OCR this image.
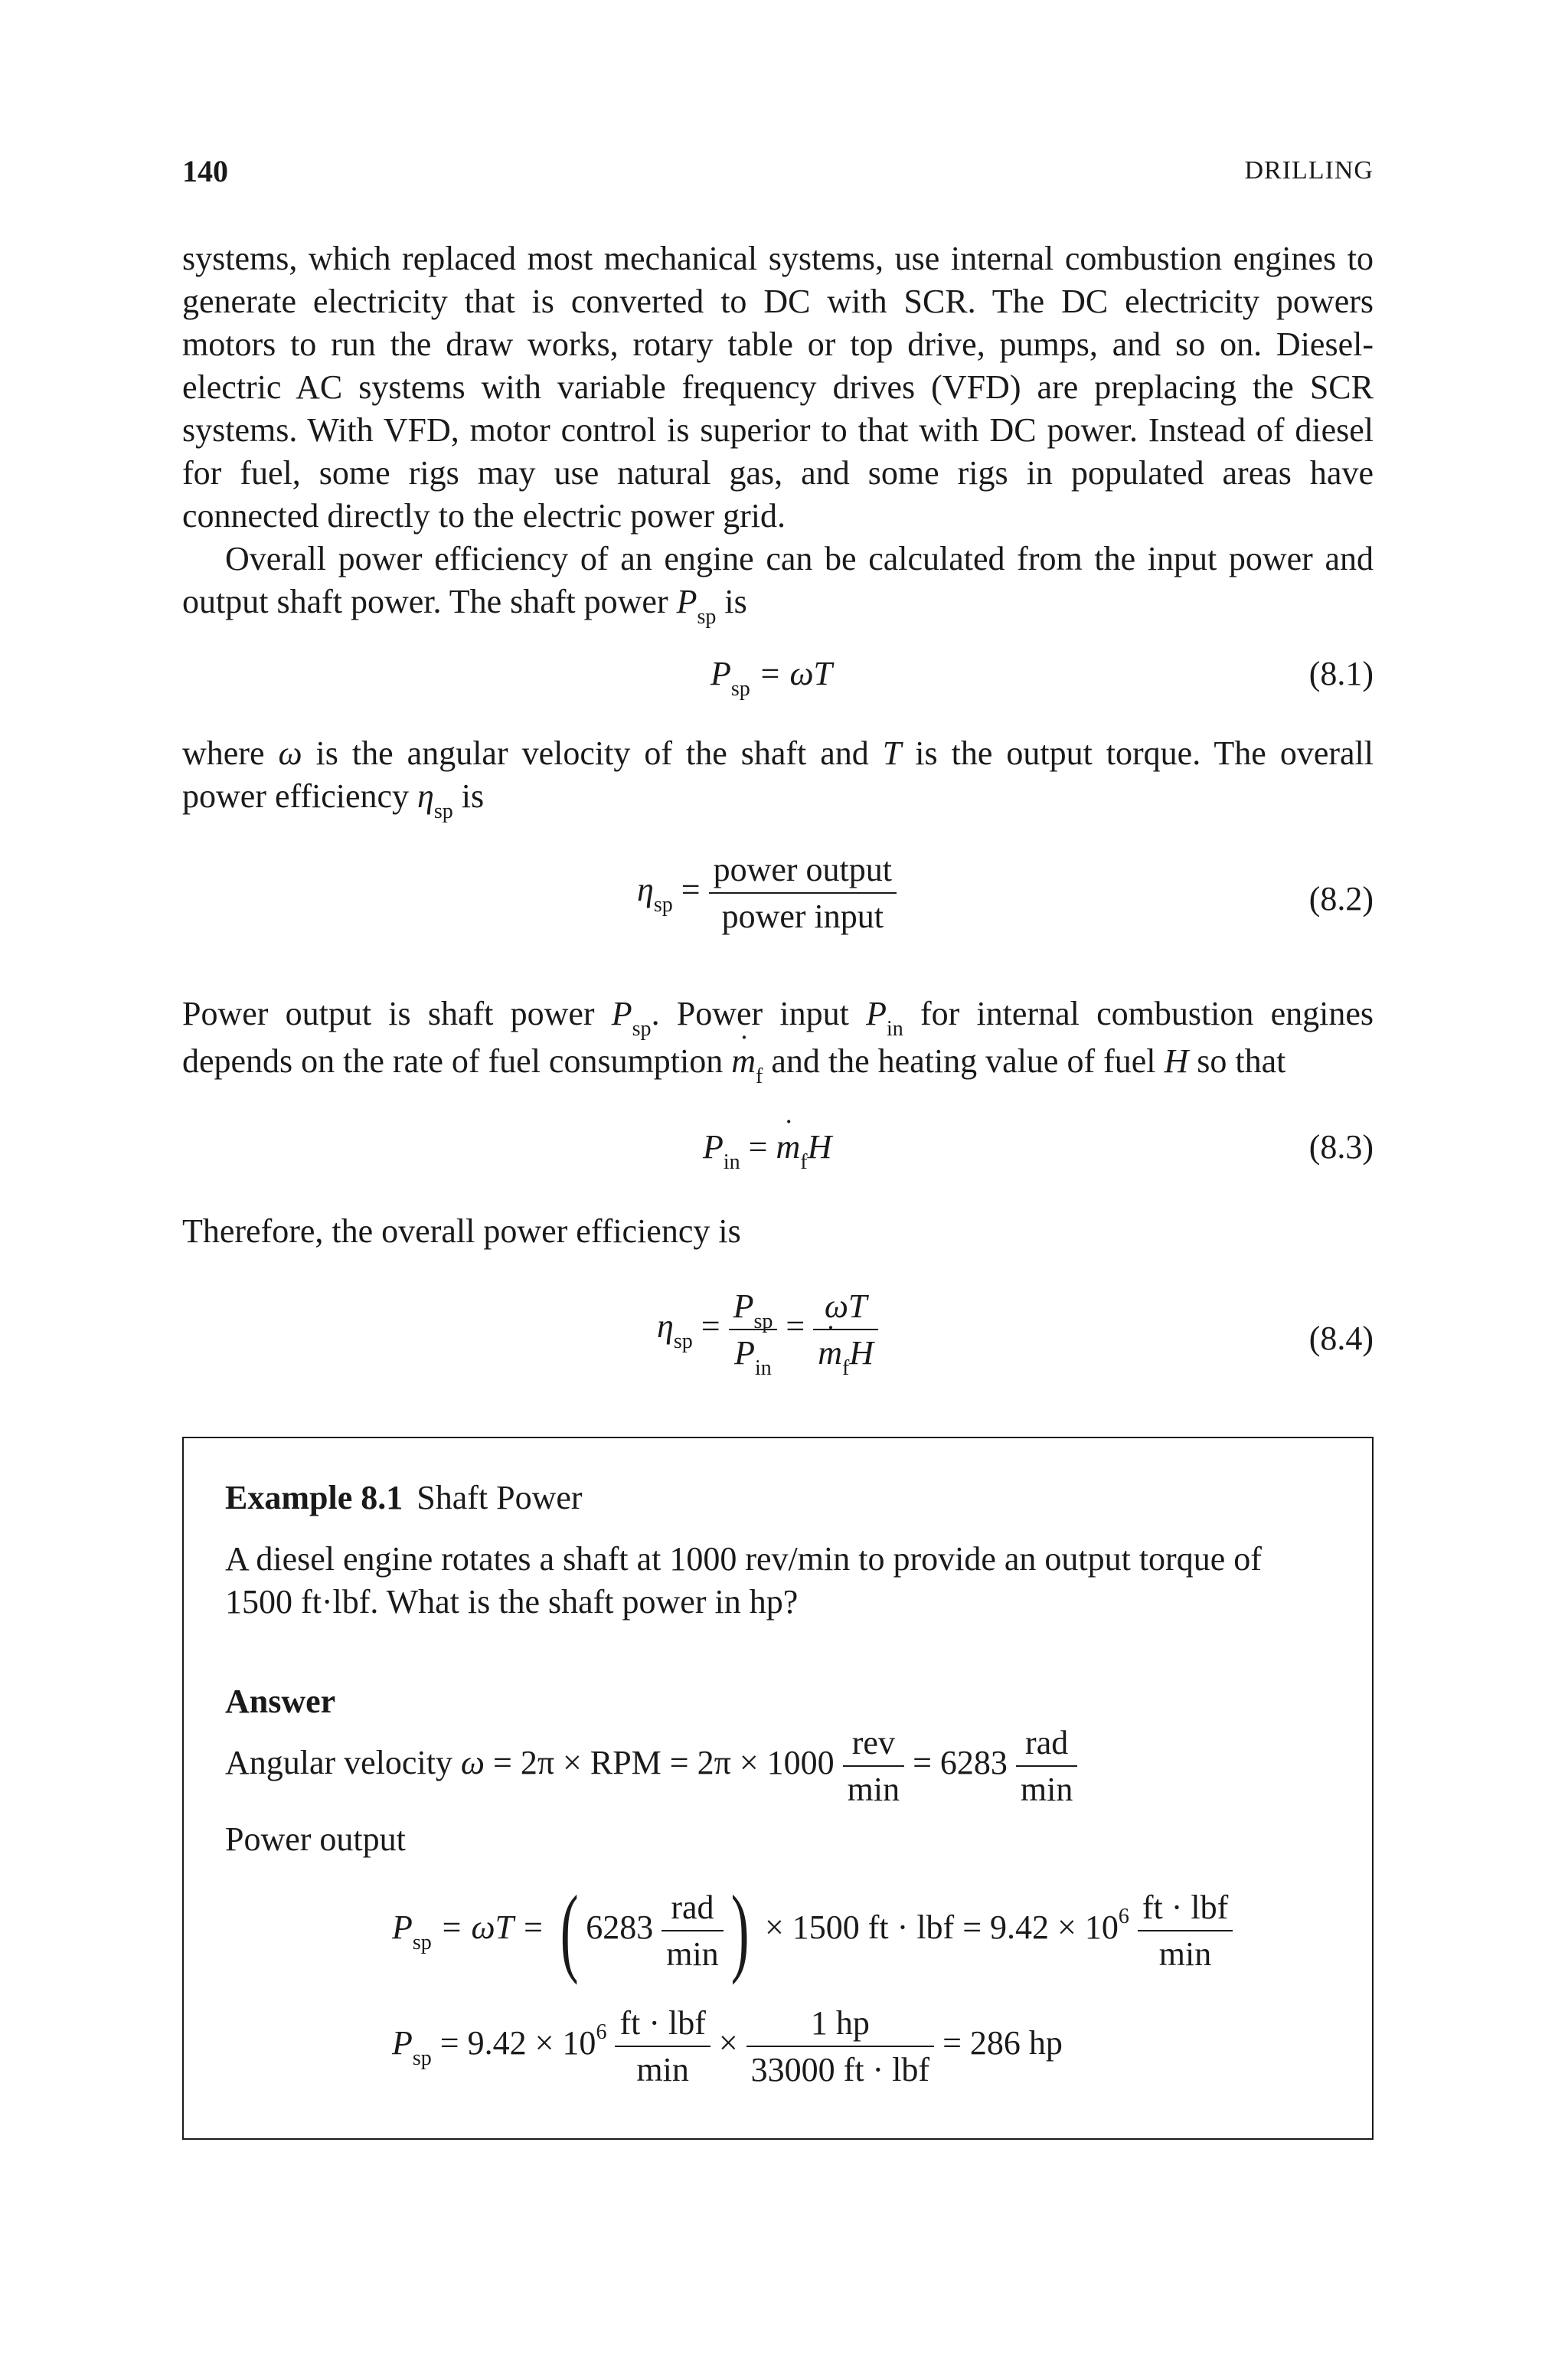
140	DRILLING

systems, which replaced most mechanical systems, use internal combustion engines to generate electricity that is converted to DC with SCR. The DC electricity powers motors to run the draw works, rotary table or top drive, pumps, and so on. Diesel-electric AC systems with variable frequency drives (VFD) are preplacing the SCR systems. With VFD, motor control is superior to that with DC power. Instead of diesel for fuel, some rigs may use natural gas, and some rigs in populated areas have connected directly to the electric power grid.

Overall power efficiency of an engine can be calculated from the input power and output shaft power. The shaft power $P_{sp}$ is

$P_{sp} = \omega T$	(8.1)

where ω is the angular velocity of the shaft and T is the output torque. The overall power efficiency $\eta_{sp}$ is

$\eta_{sp} = \frac{\text{power output}}{\text{power input}}$	(8.2)

Power output is shaft power $P_{sp}$. Power input $P_{in}$ for internal combustion engines depends on the rate of fuel consumption m $˙_f$ and the heating value of fuel H so that

$P_{in} = m$ $˙_fH$	(8.3)

Therefore, the overall power efficiency is

$\eta_{sp} = \frac{P_{sp}}{P_{in}} = \frac{\omega T}{m ˙_fH}$	(8.4)
Example 8.1 Shaft Power

A diesel engine rotates a shaft at 1000 rev/min to provide an output torque of 1500 ft·lbf. What is the shaft power in hp?

Answer
Angular velocity ω = 2π × RPM = $2\pi \times 1000 \frac{\text{rev}}{\min} = 6283 \frac{\text{rad}}{\min}$
Power output
$P_{sp} = \omega T$ = ( $6283 \frac{\text{rad}}{\min}$ ) × 1500 ft · lbf = $9.42 \times 10^6 \frac{\text{ft · lbf}}{\min}$
$P_{sp} = 9.42 \times 10^6 \frac{\text{ft · lbf}}{\min} \times \frac{1 hp}{\text{33000 ft · lbf}} = 286$ hp
